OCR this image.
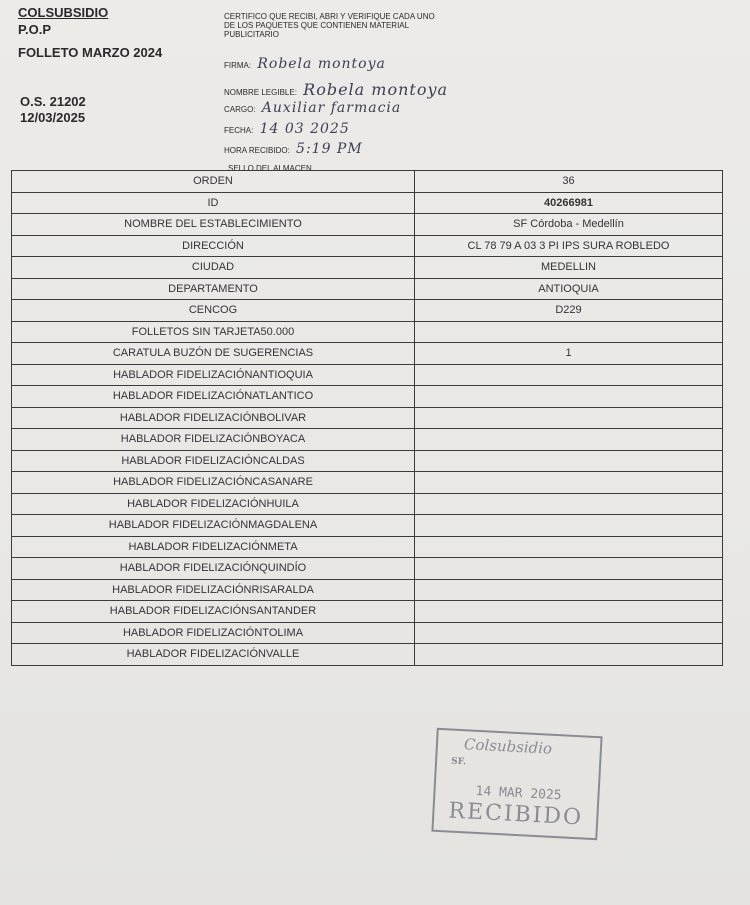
COLSUBSIDIO
P.O.P
FOLLETO MARZO 2024
O.S. 21202
12/03/2025
CERTIFICO QUE RECIBI, ABRI Y VERIFIQUE CADA UNO DE LOS PAQUETES QUE CONTIENEN MATERIAL PUBLICITARIO
FIRMA: Robela montoya
NOMBRE LEGIBLE: Robela montoya
CARGO: Auxiliar farmacia
FECHA: 14 03 2025
HORA RECIBIDO: 5:19 PM
SELLO DEL ALMACEN
ORDEN	36
ID	40266981
NOMBRE DEL ESTABLECIMIENTO	SF Córdoba - Medellín
DIRECCIÓN	CL 78 79 A 03 3 PI IPS SURA ROBLEDO
CIUDAD	MEDELLIN
DEPARTAMENTO	ANTIOQUIA
CENCOG	D229
FOLLETOS SIN TARJETA50.000	
CARATULA BUZÓN DE SUGERENCIAS	1
HABLADOR FIDELIZACIÓNANTIOQUIA	
HABLADOR FIDELIZACIÓNATLANTICO	
HABLADOR FIDELIZACIÓNBOLIVAR	
HABLADOR FIDELIZACIÓNBOYACA	
HABLADOR FIDELIZACIÓNCALDAS	
HABLADOR FIDELIZACIÓNCASANARE	
HABLADOR FIDELIZACIÓNHUILA	
HABLADOR FIDELIZACIÓNMAGDALENA	
HABLADOR FIDELIZACIÓNMETA	
HABLADOR FIDELIZACIÓNQUINDÍO	
HABLADOR FIDELIZACIÓNRISARALDA	
HABLADOR FIDELIZACIÓNSANTANDER	
HABLADOR FIDELIZACIÓNTOLIMA	
HABLADOR FIDELIZACIÓNVALLE	
Colsubsidio
SF.
14 MAR 2025
RECIBIDO
